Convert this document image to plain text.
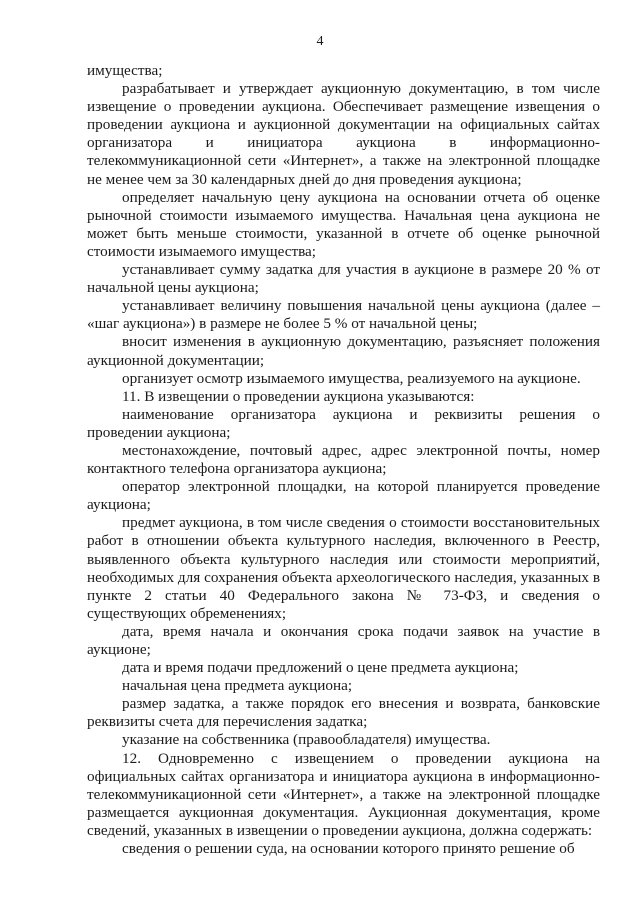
4

имущества;

разрабатывает и утверждает аукционную документацию, в том числе извещение о проведении аукциона. Обеспечивает размещение извещения о проведении аукциона и аукционной документации на официальных сайтах организатора и инициатора аукциона в информационно-телекоммуникационной сети «Интернет», а также на электронной площадке не менее чем за 30 календарных дней до дня проведения аукциона;

определяет начальную цену аукциона на основании отчета об оценке рыночной стоимости изымаемого имущества. Начальная цена аукциона не может быть меньше стоимости, указанной в отчете об оценке рыночной стоимости изымаемого имущества;

устанавливает сумму задатка для участия в аукционе в размере 20 % от начальной цены аукциона;

устанавливает величину повышения начальной цены аукциона (далее – «шаг аукциона») в размере не более 5 % от начальной цены;

вносит изменения в аукционную документацию, разъясняет положения аукционной документации;

организует осмотр изымаемого имущества, реализуемого на аукционе.

11. В извещении о проведении аукциона указываются:

наименование организатора аукциона и реквизиты решения о проведении аукциона;

местонахождение, почтовый адрес, адрес электронной почты, номер контактного телефона организатора аукциона;

оператор электронной площадки, на которой планируется проведение аукциона;

предмет аукциона, в том числе сведения о стоимости восстановительных работ в отношении объекта культурного наследия, включенного в Реестр, выявленного объекта культурного наследия или стоимости мероприятий, необходимых для сохранения объекта археологического наследия, указанных в пункте 2 статьи 40 Федерального закона № 73-ФЗ, и сведения о существующих обременениях;

дата, время начала и окончания срока подачи заявок на участие в аукционе;

дата и время подачи предложений о цене предмета аукциона;

начальная цена предмета аукциона;

размер задатка, а также порядок его внесения и возврата, банковские реквизиты счета для перечисления задатка;

указание на собственника (правообладателя) имущества.

12. Одновременно с извещением о проведении аукциона на официальных сайтах организатора и инициатора аукциона в информационно-телекоммуникационной сети «Интернет», а также на электронной площадке размещается аукционная документация. Аукционная документация, кроме сведений, указанных в извещении о проведении аукциона, должна содержать:

сведения о решении суда, на основании которого принято решение об
